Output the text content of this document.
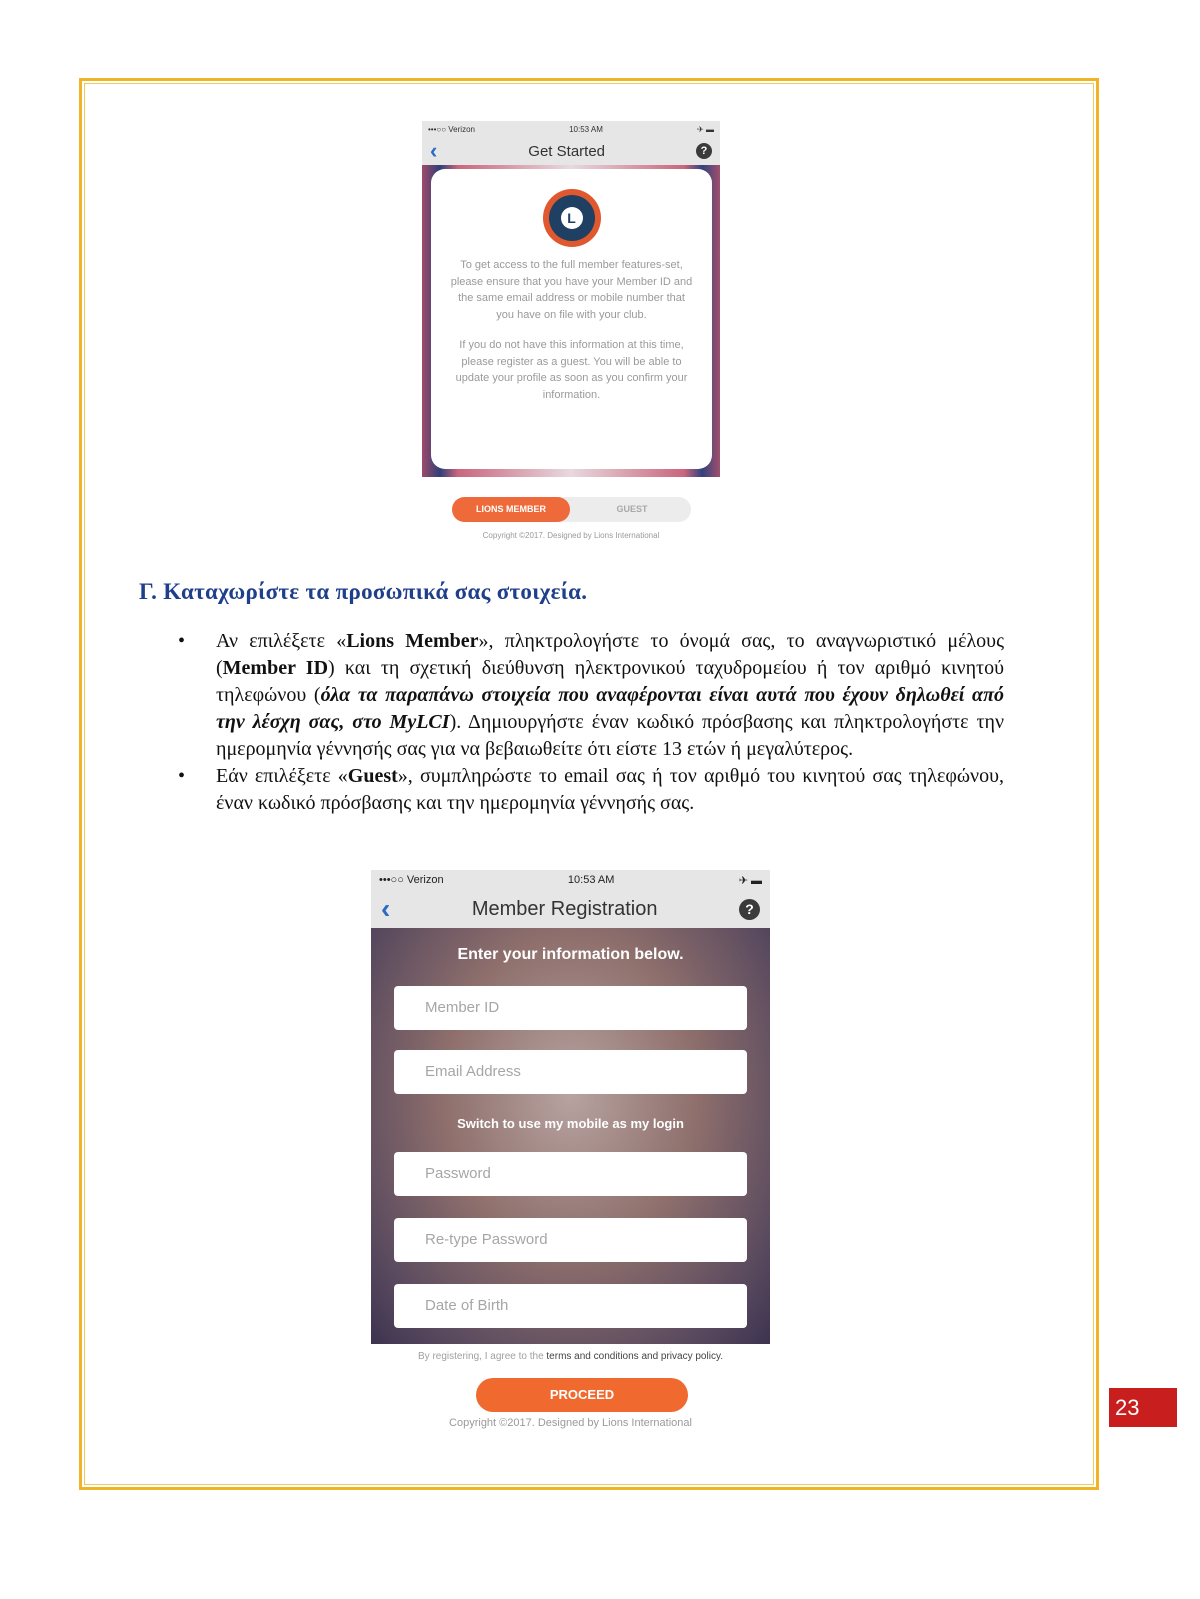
•••○○ Verizon	10:53 AM	✈ ▬
‹	Get Started	?
L
To get access to the full member features-set, please ensure that you have your Member ID and the same email address or mobile number that you have on file with your club.
If you do not have this information at this time, please register as a guest. You will be able to update your profile as soon as you confirm your information.
LIONS MEMBER	GUEST
Copyright ©2017. Designed by Lions International
Γ. Καταχωρίστε τα προσωπικά σας στοιχεία.
• Αν επιλέξετε «Lions Member», πληκτρολογήστε το όνομά σας, το αναγνωριστικό μέλους (Member ID) και τη σχετική διεύθυνση ηλεκτρονικού ταχυδρομείου ή τον αριθμό κινητού τηλεφώνου (όλα τα παραπάνω στοιχεία που αναφέρονται είναι αυτά που έχουν δηλωθεί από την λέσχη σας, στο MyLCI). Δημιουργήστε έναν κωδικό πρόσβασης και πληκτρολογήστε την ημερομηνία γέννησής σας για να βεβαιωθείτε ότι είστε 13 ετών ή μεγαλύτερος.
• Εάν επιλέξετε «Guest», συμπληρώστε το email σας ή τον αριθμό του κινητού σας τηλεφώνου, έναν κωδικό πρόσβασης και την ημερομηνία γέννησής σας.
•••○○ Verizon	10:53 AM	✈ ▬
‹	Member Registration	?
Enter your information below.
Member ID
Email Address
Switch to use my mobile as my login
Password
Re-type Password
Date of Birth
By registering, I agree to the terms and conditions and privacy policy.
PROCEED
Copyright ©2017. Designed by Lions International
23
